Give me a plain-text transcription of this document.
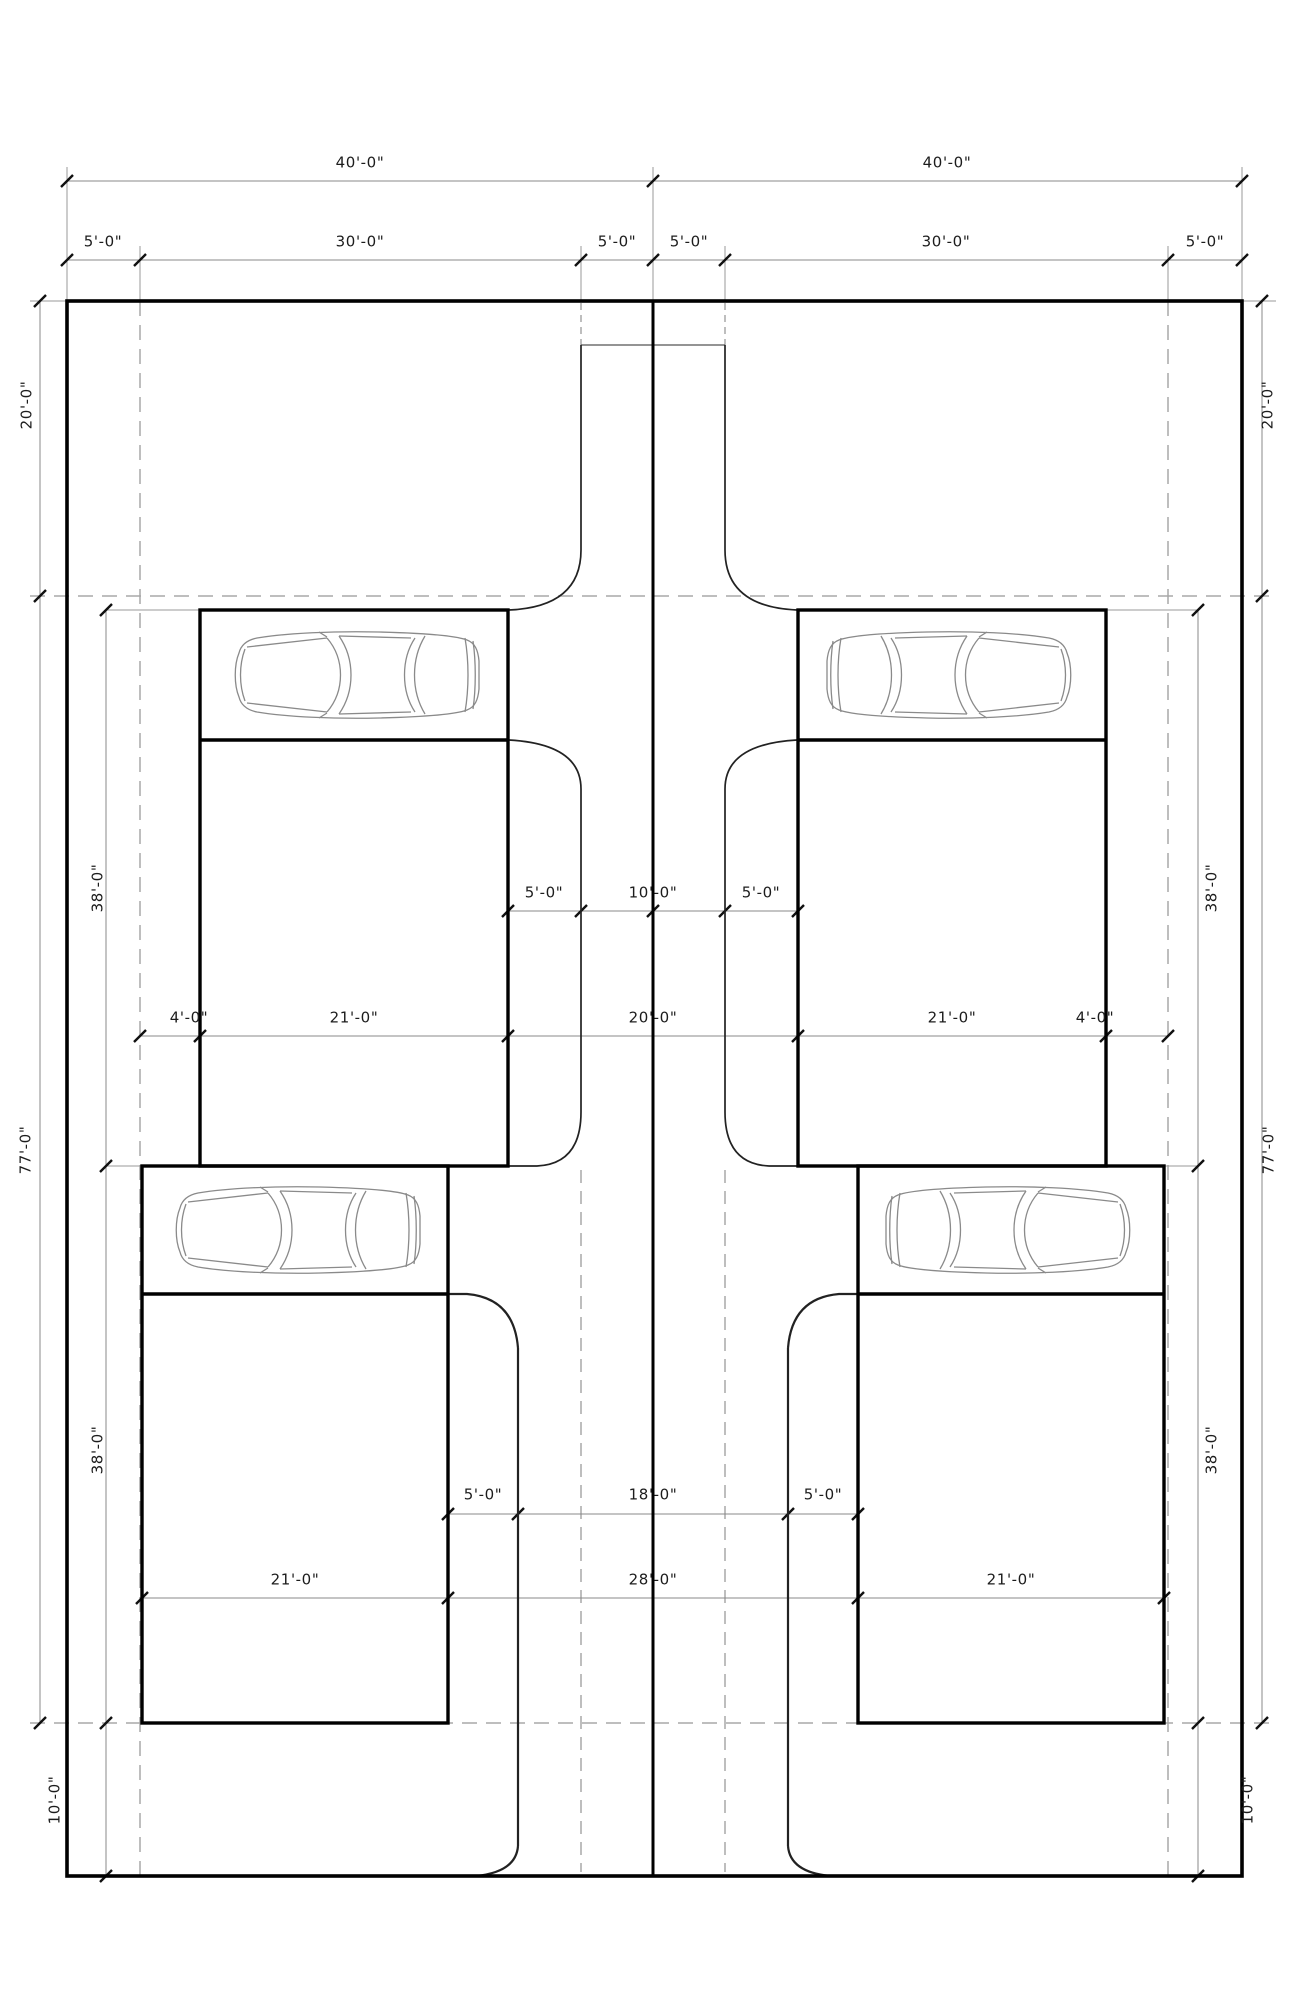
40'-0"	40'-0"
5'-0"	30'-0"	5'-0" 5'-0"	30'-0"	5'-0"
5'-0"	10'-0"	5'-0"
4'-0"	21'-0"	20'-0"	21'-0"	4'-0"
5'-0"	18'-0"	5'-0"
21'-0"	28'-0"	21'-0"
20'-0"
38'-0"
77'-0"
38'-0"
10'-0"
20'-0"
38'-0"
77'-0"
38'-0"
10'-0"
